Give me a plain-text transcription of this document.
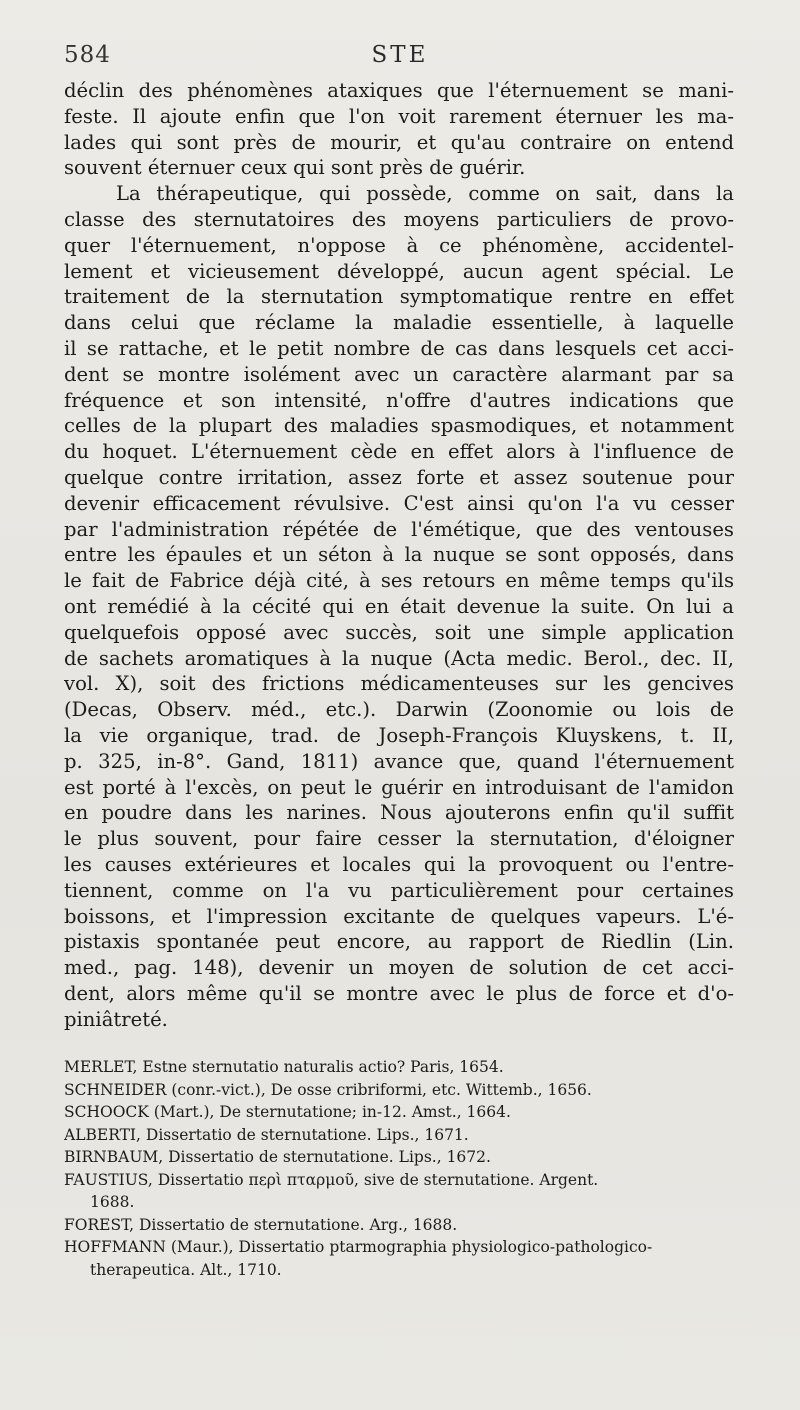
584	STE
déclin des phénomènes ataxiques que l'éternuement se mani-
feste. Il ajoute enfin que l'on voit rarement éternuer les ma-
lades qui sont près de mourir, et qu'au contraire on entend
souvent éternuer ceux qui sont près de guérir.
La thérapeutique, qui possède, comme on sait, dans la
classe des sternutatoires des moyens particuliers de provo-
quer l'éternuement, n'oppose à ce phénomène, accidentel-
lement et vicieusement développé, aucun agent spécial. Le
traitement de la sternutation symptomatique rentre en effet
dans celui que réclame la maladie essentielle, à laquelle
il se rattache, et le petit nombre de cas dans lesquels cet acci-
dent se montre isolément avec un caractère alarmant par sa
fréquence et son intensité, n'offre d'autres indications que
celles de la plupart des maladies spasmodiques, et notamment
du hoquet. L'éternuement cède en effet alors à l'influence de
quelque contre irritation, assez forte et assez soutenue pour
devenir efficacement révulsive. C'est ainsi qu'on l'a vu cesser
par l'administration répétée de l'émétique, que des ventouses
entre les épaules et un séton à la nuque se sont opposés, dans
le fait de Fabrice déjà cité, à ses retours en même temps qu'ils
ont remédié à la cécité qui en était devenue la suite. On lui a
quelquefois opposé avec succès, soit une simple application
de sachets aromatiques à la nuque (Acta medic. Berol., dec. II,
vol. X), soit des frictions médicamenteuses sur les gencives
(Decas, Observ. méd., etc.). Darwin (Zoonomie ou lois de
la vie organique, trad. de Joseph-François Kluyskens, t. II,
p. 325, in-8°. Gand, 1811) avance que, quand l'éternuement
est porté à l'excès, on peut le guérir en introduisant de l'amidon
en poudre dans les narines. Nous ajouterons enfin qu'il suffit
le plus souvent, pour faire cesser la sternutation, d'éloigner
les causes extérieures et locales qui la provoquent ou l'entre-
tiennent, comme on l'a vu particulièrement pour certaines
boissons, et l'impression excitante de quelques vapeurs. L'é-
pistaxis spontanée peut encore, au rapport de Riedlin (Lin.
med., pag. 148), devenir un moyen de solution de cet acci-
dent, alors même qu'il se montre avec le plus de force et d'o-
piniâtreté.
MERLET, Estne sternutatio naturalis actio? Paris, 1654.
SCHNEIDER (conr.-vict.), De osse cribriformi, etc. Wittemb., 1656.
SCHOOCK (Mart.), De sternutatione; in-12. Amst., 1664.
ALBERTI, Dissertatio de sternutatione. Lips., 1671.
BIRNBAUM, Dissertatio de sternutatione. Lips., 1672.
FAUSTIUS, Dissertatio περὶ πταρμοῦ, sive de sternutatione. Argent.
1688.
FOREST, Dissertatio de sternutatione. Arg., 1688.
HOFFMANN (Maur.), Dissertatio ptarmographia physiologico-pathologico-
therapeutica. Alt., 1710.
